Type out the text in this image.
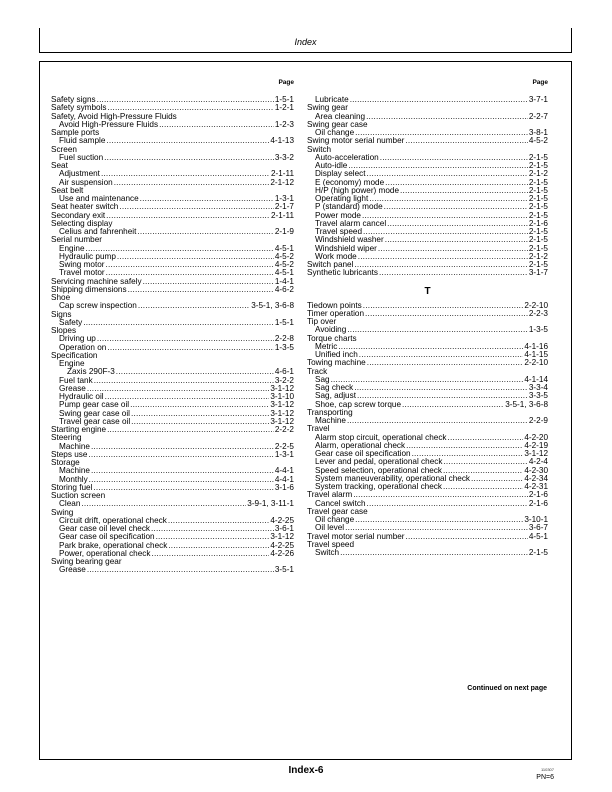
Index
Page
Safety signs .....	1-5-1
Safety symbols .....	1-2-1
Safety, Avoid High-Pressure Fluids
Avoid High-Pressure Fluids .....	1-2-3
Sample ports
Fluid sample .....	4-1-13
Screen
Fuel suction .....	3-3-2
Seat
Adjustment .....	2-1-11
Air suspension .....	2-1-12
Seat belt
Use and maintenance .....	1-3-1
Seat heater switch .....	2-1-7
Secondary exit .....	2-1-11
Selecting display
Celius and fahrenheit .....	2-1-9
Serial number
Engine .....	4-5-1
Hydraulic pump .....	4-5-2
Swing motor .....	4-5-2
Travel motor .....	4-5-1
Servicing machine safely .....	1-4-1
Shipping dimensions .....	4-6-2
Shoe
Cap screw inspection .....	3-5-1, 3-6-8
Signs
Safety .....	1-5-1
Slopes
Driving up .....	2-2-8
Operation on .....	1-3-5
Specification
Engine
Zaxis 290F-3 .....	4-6-1
Fuel tank .....	3-2-2
Grease .....	3-1-12
Hydraulic oil .....	3-1-10
Pump gear case oil .....	3-1-12
Swing gear case oil .....	3-1-12
Travel gear case oil .....	3-1-12
Starting engine .....	2-2-2
Steering
Machine .....	2-2-5
Steps use .....	1-3-1
Storage
Machine .....	4-4-1
Monthly .....	4-4-1
Storing fuel .....	3-1-6
Suction screen
Clean .....	3-9-1, 3-11-1
Swing
Circuit drift, operational check .....	4-2-25
Gear case oil level check .....	3-6-1
Gear case oil specification .....	3-1-12
Park brake, operational check .....	4-2-25
Power, operational check .....	4-2-26
Swing bearing gear
Grease .....	3-5-1
Page
Lubricate .....	3-7-1
Swing gear
Area cleaning .....	2-2-7
Swing gear case
Oil change .....	3-8-1
Swing motor serial number .....	4-5-2
Switch
Auto-acceleration .....	2-1-5
Auto-idle .....	2-1-5
Display select .....	2-1-2
E (economy) mode .....	2-1-5
H/P (high power) mode .....	2-1-5
Operating light .....	2-1-5
P (standard) mode .....	2-1-5
Power mode .....	2-1-5
Travel alarm cancel .....	2-1-6
Travel speed .....	2-1-5
Windshield washer .....	2-1-5
Windshield wiper .....	2-1-5
Work mode .....	2-1-2
Switch panel .....	2-1-5
Synthetic lubricants .....	3-1-7
T
Tiedown points .....	2-2-10
Timer operation .....	2-2-3
Tip over
Avoiding .....	1-3-5
Torque charts
Metric .....	4-1-16
Unified inch .....	4-1-15
Towing machine .....	2-2-10
Track
Sag .....	4-1-14
Sag check .....	3-3-4
Sag, adjust .....	3-3-5
Shoe, cap screw torque .....	3-5-1, 3-6-8
Transporting
Machine .....	2-2-9
Travel
Alarm stop circuit, operational check .....	4-2-20
Alarm, operational check .....	4-2-19
Gear case oil specification .....	3-1-12
Lever and pedal, operational check .....	4-2-4
Speed selection, operational check .....	4-2-30
System maneuverability, operational check .....	4-2-34
System tracking, operational check .....	4-2-31
Travel alarm .....	2-1-6
Cancel switch .....	2-1-6
Travel gear case
Oil change .....	3-10-1
Oil level .....	3-6-7
Travel motor serial number .....	4-5-1
Travel speed
Switch .....	2-1-5
Continued on next page
Index-6	110307
PN=6
